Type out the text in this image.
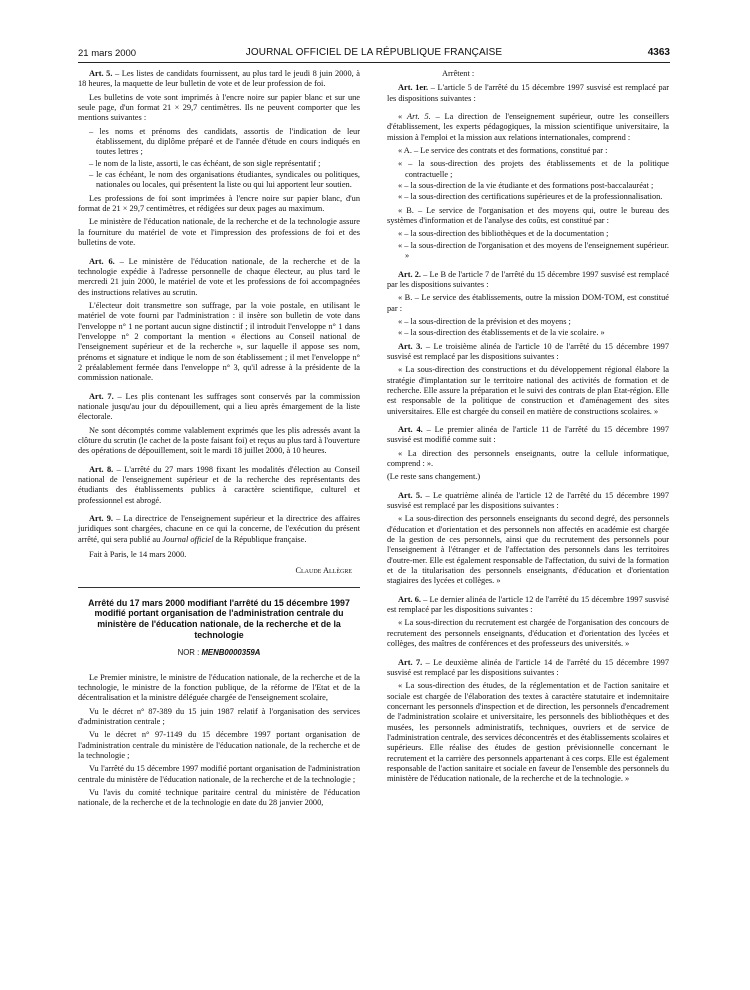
21 mars 2000	JOURNAL OFFICIEL DE LA RÉPUBLIQUE FRANÇAISE	4363

Art. 5. – Les listes de candidats fournissent, au plus tard le jeudi 8 juin 2000, à 18 heures, la maquette de leur bulletin de vote et de leur profession de foi.

Les bulletins de vote sont imprimés à l'encre noire sur papier blanc et sur une seule page, d'un format 21 × 29,7 centimètres. Ils ne peuvent comporter que les mentions suivantes :

– les noms et prénoms des candidats, assortis de l'indication de leur établissement, du diplôme préparé et de l'année d'étude en cours indiqués en toutes lettres ;
– le nom de la liste, assorti, le cas échéant, de son sigle représentatif ;
– le cas échéant, le nom des organisations étudiantes, syndicales ou politiques, nationales ou locales, qui présentent la liste ou qui lui apportent leur soutien.

Les professions de foi sont imprimées à l'encre noire sur papier blanc, d'un format de 21 × 29,7 centimètres, et rédigées sur deux pages au maximum.

Le ministère de l'éducation nationale, de la recherche et de la technologie assure la fourniture du matériel de vote et l'impression des professions de foi et des bulletins de vote.

Art. 6. – Le ministère de l'éducation nationale, de la recherche et de la technologie expédie à l'adresse personnelle de chaque électeur, au plus tard le mercredi 21 juin 2000, le matériel de vote et les professions de foi accompagnées des instructions relatives au scrutin.

L'électeur doit transmettre son suffrage, par la voie postale, en utilisant le matériel de vote fourni par l'administration : il insère son bulletin de vote dans l'enveloppe n° 1 ne portant aucun signe distinctif ; il introduit l'enveloppe n° 1 dans l'enveloppe n° 2 comportant la mention « élections au Conseil national de l'enseignement supérieur et de la recherche », sur laquelle il appose ses nom, prénoms et signature et indique le nom de son établissement ; il met l'enveloppe n° 2 préalablement fermée dans l'enveloppe n° 3, qu'il adresse à la présidente de la commission nationale.

Art. 7. – Les plis contenant les suffrages sont conservés par la commission nationale jusqu'au jour du dépouillement, qui a lieu après émargement de la liste électorale.

Ne sont décomptés comme valablement exprimés que les plis adressés avant la clôture du scrutin (le cachet de la poste faisant foi) et reçus au plus tard à l'ouverture des opérations de dépouillement, soit le mardi 18 juillet 2000, à 10 heures.

Art. 8. – L'arrêté du 27 mars 1998 fixant les modalités d'élection au Conseil national de l'enseignement supérieur et de la recherche des représentants des étudiants des établissements publics à caractère scientifique, culturel et professionnel est abrogé.

Art. 9. – La directrice de l'enseignement supérieur et la directrice des affaires juridiques sont chargées, chacune en ce qui la concerne, de l'exécution du présent arrêté, qui sera publié au Journal officiel de la République française.

Fait à Paris, le 14 mars 2000.

Claude Allègre

Arrêté du 17 mars 2000 modifiant l'arrêté du 15 décembre 1997 modifié portant organisation de l'administration centrale du ministère de l'éducation nationale, de la recherche et de la technologie
NOR : MENB0000359A

Le Premier ministre, le ministre de l'éducation nationale, de la recherche et de la technologie, le ministre de la fonction publique, de la réforme de l'Etat et de la décentralisation et la ministre déléguée chargée de l'enseignement scolaire,

Vu le décret n° 87-389 du 15 juin 1987 relatif à l'organisation des services d'administration centrale ;

Vu le décret n° 97-1149 du 15 décembre 1997 portant organisation de l'administration centrale du ministère de l'éducation nationale, de la recherche et de la technologie ;

Vu l'arrêté du 15 décembre 1997 modifié portant organisation de l'administration centrale du ministère de l'éducation nationale, de la recherche et de la technologie ;

Vu l'avis du comité technique paritaire central du ministère de l'éducation nationale, de la recherche et de la technologie en date du 28 janvier 2000,

Arrêtent :

Art. 1er. – L'article 5 de l'arrêté du 15 décembre 1997 susvisé est remplacé par les dispositions suivantes :

« Art. 5. – La direction de l'enseignement supérieur, outre les conseillers d'établissement, les experts pédagogiques, la mission scientifique universitaire, la mission à l'emploi et la mission aux relations internationales, comprend :

« A. – Le service des contrats et des formations, constitué par :

« – la sous-direction des projets des établissements et de la politique contractuelle ;
« – la sous-direction de la vie étudiante et des formations post-baccalauréat ;
« – la sous-direction des certifications supérieures et de la professionnalisation.

« B. – Le service de l'organisation et des moyens qui, outre le bureau des systèmes d'information et de l'analyse des coûts, est constitué par :

« – la sous-direction des bibliothèques et de la documentation ;
« – la sous-direction de l'organisation et des moyens de l'enseignement supérieur. »

Art. 2. – Le B de l'article 7 de l'arrêté du 15 décembre 1997 susvisé est remplacé par les dispositions suivantes :

« B. – Le service des établissements, outre la mission DOM-TOM, est constitué par :

« – la sous-direction de la prévision et des moyens ;
« – la sous-direction des établissements et de la vie scolaire. »

Art. 3. – Le troisième alinéa de l'article 10 de l'arrêté du 15 décembre 1997 susvisé est remplacé par les dispositions suivantes :

« La sous-direction des constructions et du développement régional élabore la stratégie d'implantation sur le territoire national des activités de formation et de recherche. Elle assure la préparation et le suivi des contrats de plan Etat-région. Elle est responsable de la politique de construction et d'aménagement des sites universitaires. Elle est chargée du conseil en matière de constructions scolaires. »

Art. 4. – Le premier alinéa de l'article 11 de l'arrêté du 15 décembre 1997 susvisé est modifié comme suit :

« La direction des personnels enseignants, outre la cellule informatique, comprend : ».

(Le reste sans changement.)

Art. 5. – Le quatrième alinéa de l'article 12 de l'arrêté du 15 décembre 1997 susvisé est remplacé par les dispositions suivantes :

« La sous-direction des personnels enseignants du second degré, des personnels d'éducation et d'orientation et des personnels non affectés en académie est chargée de la gestion de ces personnels, ainsi que du recrutement des personnels pour l'enseignement à l'étranger et de l'affectation des personnels dans les territoires d'outre-mer. Elle est également responsable de l'affectation, du suivi de la formation et de la titularisation des personnels enseignants, d'éducation et d'orientation stagiaires des lycées et collèges. »

Art. 6. – Le dernier alinéa de l'article 12 de l'arrêté du 15 décembre 1997 susvisé est remplacé par les dispositions suivantes :

« La sous-direction du recrutement est chargée de l'organisation des concours de recrutement des personnels enseignants, d'éducation et d'orientation des lycées et collèges, des maîtres de conférences et des professeurs des universités. »

Art. 7. – Le deuxième alinéa de l'article 14 de l'arrêté du 15 décembre 1997 susvisé est remplacé par les dispositions suivantes :

« La sous-direction des études, de la réglementation et de l'action sanitaire et sociale est chargée de l'élaboration des textes à caractère statutaire et indemnitaire concernant les personnels d'inspection et de direction, les personnels d'encadrement de l'administration scolaire et universitaire, les personnels des bibliothèques et des musées, les personnels administratifs, techniques, ouvriers et de service de l'administration centrale, des services déconcentrés et des établissements scolaires et supérieurs. Elle réalise des études de gestion prévisionnelle concernant le recrutement et la carrière des personnels appartenant à ces corps. Elle est également responsable de l'action sanitaire et sociale en faveur de l'ensemble des personnels du ministère de l'éducation nationale, de la recherche et de la technologie. »
